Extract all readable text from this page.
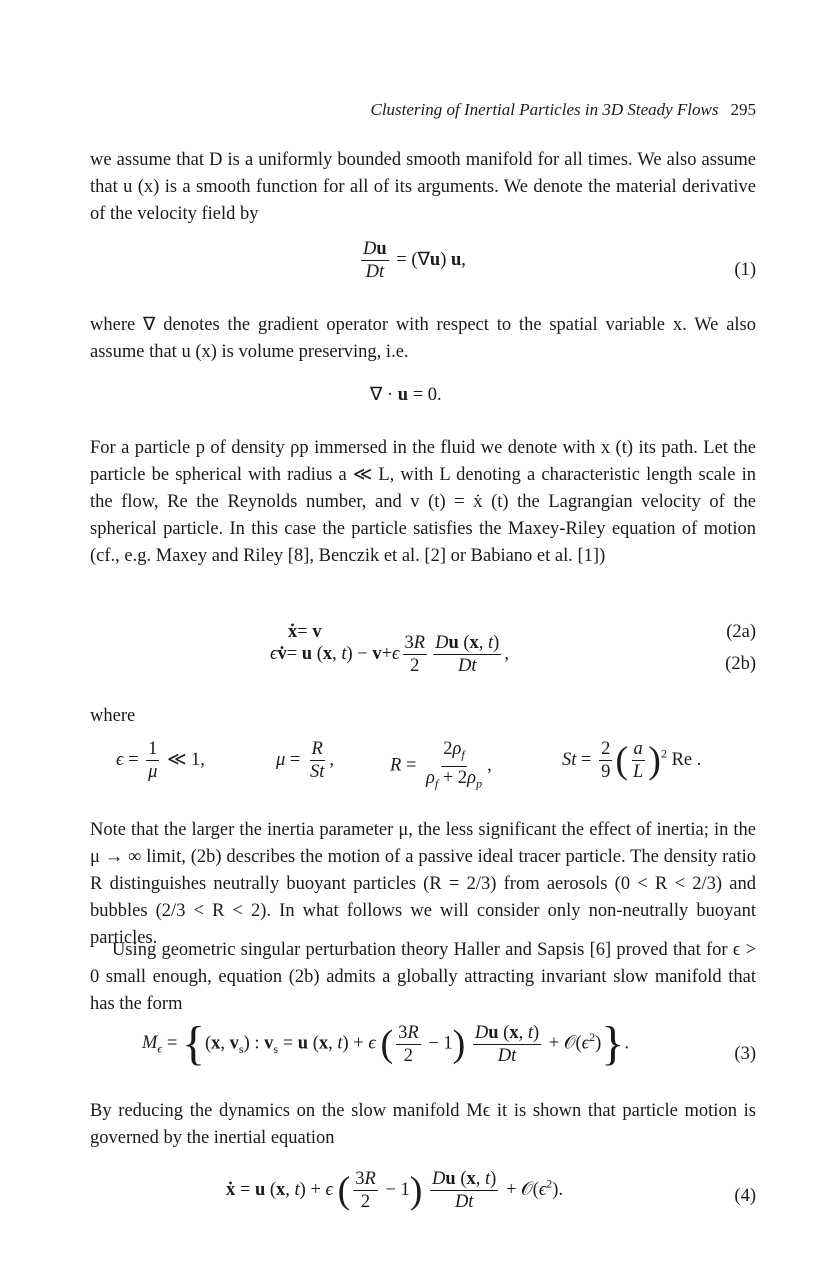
Clustering of Inertial Particles in 3D Steady Flows 295
we assume that D is a uniformly bounded smooth manifold for all times. We also assume that u (x) is a smooth function for all of its arguments. We denote the material derivative of the velocity field by
$\frac{Du}{Dt} = (\nabla u)$ u,
(1)
where ∇ denotes the gradient operator with respect to the spatial variable x. We also assume that u (x) is volume preserving, i.e.
∇ · u = 0.
For a particle p of density ρp immersed in the fluid we denote with x (t) its path. Let the particle be spherical with radius a ≪ L, with L denoting a characteristic length scale in the flow, Re the Reynolds number, and v (t) = ẋ (t) the Lagrangian velocity of the spherical particle. In this case the particle satisfies the Maxey-Riley equation of motion (cf., e.g. Maxey and Riley [8], Benczik et al. [2] or Babiano et al. [1])
ẋ= v	(2a)
ϵv̇= u (x, $t) - v+\epsilon \frac{3R}{2} \frac{Du (x, t)}{Dt}$ ,
(2b)
where
$\epsilon = \frac{1}{\mu}$ ≪ 1,	$\mu = \frac{R}{St}$ ,	$R = \frac{2\rho_f}{\rho_f + 2\rho_p}$ ,	$St = \frac{2}{9}$ ( $\frac{a}{L} )^2$ Re .
Note that the larger the inertia parameter μ, the less significant the effect of inertia; in the μ → ∞ limit, (2b) describes the motion of a passive ideal tracer particle. The density ratio R distinguishes neutrally buoyant particles (R = 2/3) from aerosols (0 < R < 2/3) and bubbles (2/3 < R < 2). In what follows we will consider only non-neutrally buoyant particles.
Using geometric singular perturbation theory Haller and Sapsis [6] proved that for ϵ > 0 small enough, equation (2b) admits a globally attracting invariant slow manifold that has the form
$M_\epsilon = \{(x$, $v_s$) : $v_s = u$ (x, t) + ϵ ( $\frac{3R}{2} - 1) \frac{Du (x, t)}{Dt}$ + $𝒪(\epsilon^2)$}.
(3)
By reducing the dynamics on the slow manifold Mϵ it is shown that particle motion is governed by the inertial equation
ẋ = u (x, t) + ϵ ( $\frac{3R}{2} - 1) \frac{Du (x, t)}{Dt}$ + $𝒪(\epsilon^2)$.	(4)
